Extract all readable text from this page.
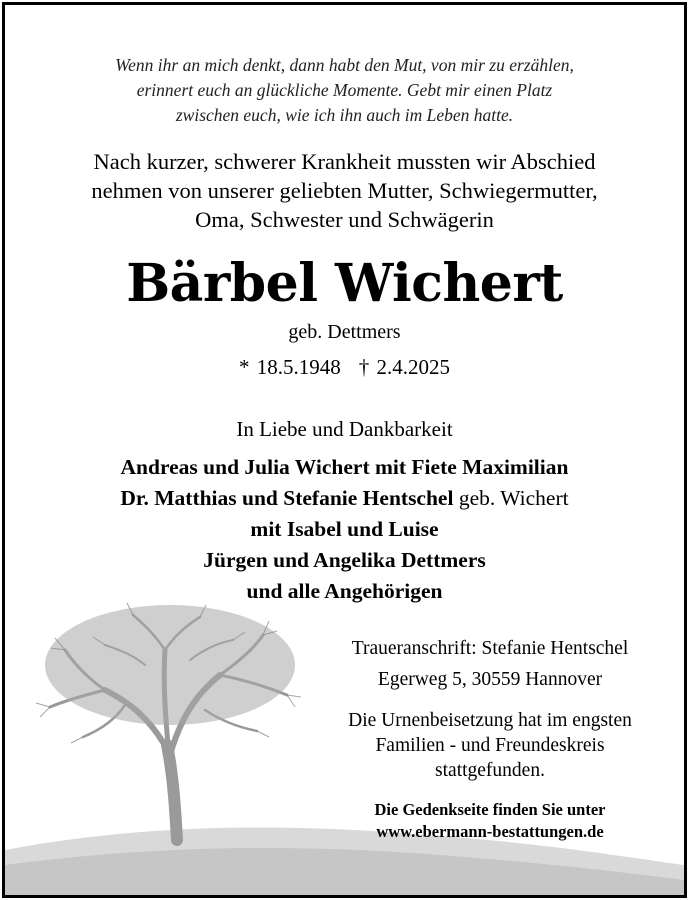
Wenn ihr an mich denkt, dann habt den Mut, von mir zu erzählen,
erinnert euch an glückliche Momente. Gebt mir einen Platz
zwischen euch, wie ich ihn auch im Leben hatte.
Nach kurzer, schwerer Krankheit mussten wir Abschied
nehmen von unserer geliebten Mutter, Schwiegermutter,
Oma, Schwester und Schwägerin
Bärbel Wichert
geb. Dettmers
* 18.5.1948 † 2.4.2025
In Liebe und Dankbarkeit
Andreas und Julia Wichert mit Fiete Maximilian
Dr. Matthias und Stefanie Hentschel geb. Wichert
mit Isabel und Luise
Jürgen und Angelika Dettmers
und alle Angehörigen
Traueranschrift: Stefanie Hentschel
Egerweg 5, 30559 Hannover
Die Urnenbeisetzung hat im engsten
Familien - und Freundeskreis
stattgefunden.
Die Gedenkseite finden Sie unter
www.ebermann-bestattungen.de
